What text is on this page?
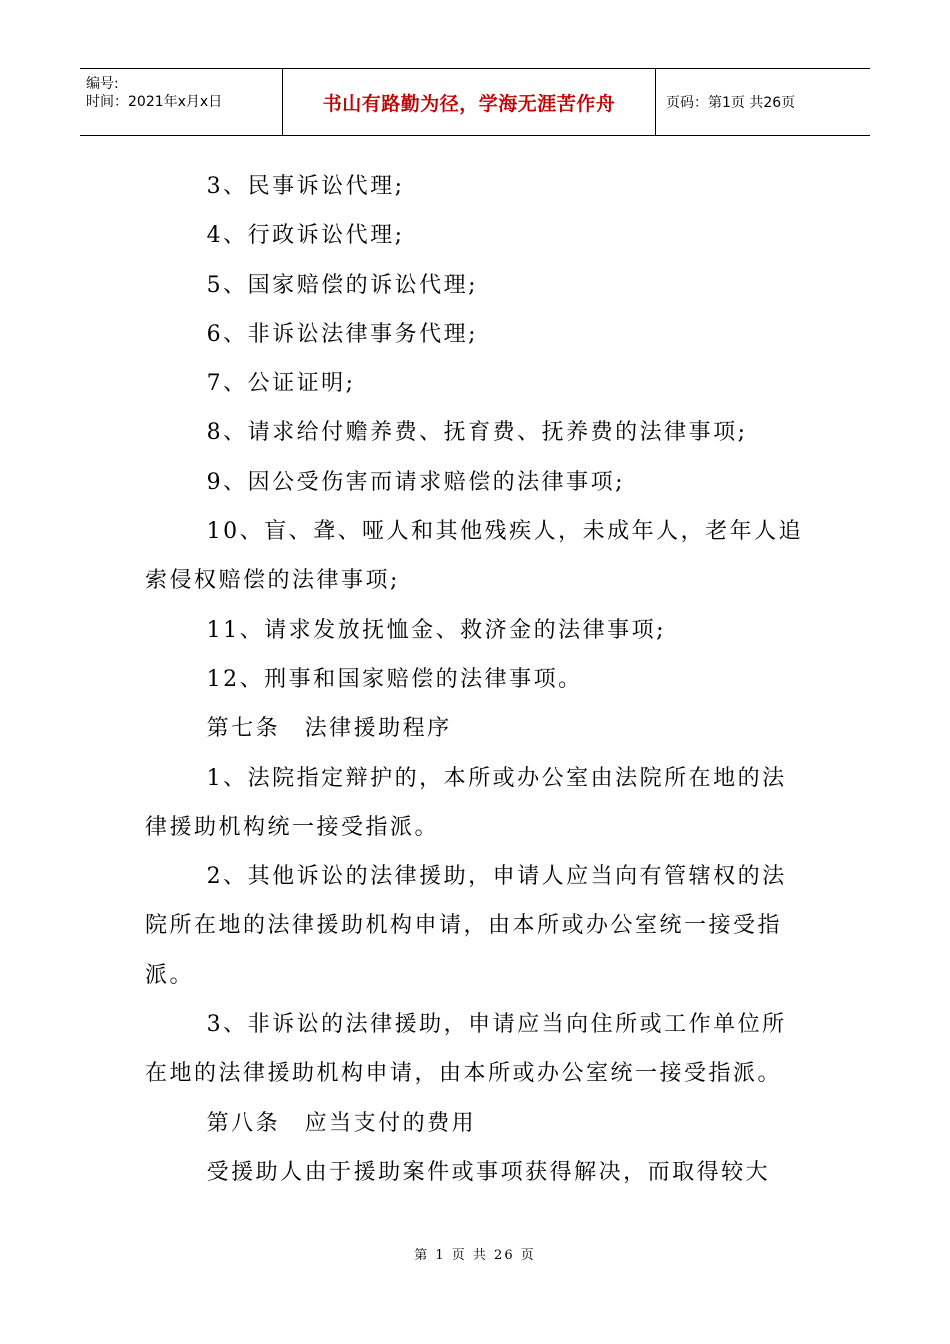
编号:
时间：2021年x月x日	书山有路勤为径，学海无涯苦作舟	页码：第1页 共26页

3、民事诉讼代理;

4、行政诉讼代理;

5、国家赔偿的诉讼代理;

6、非诉讼法律事务代理;

7、公证证明;

8、请求给付赡养费、抚育费、抚养费的法律事项;

9、因公受伤害而请求赔偿的法律事项;

10、盲、聋、哑人和其他残疾人，未成年人，老年人追索侵权赔偿的法律事项;

11、请求发放抚恤金、救济金的法律事项;

12、刑事和国家赔偿的法律事项。

第七条　法律援助程序

1、法院指定辩护的，本所或办公室由法院所在地的法律援助机构统一接受指派。

2、其他诉讼的法律援助，申请人应当向有管辖权的法院所在地的法律援助机构申请，由本所或办公室统一接受指派。

3、非诉讼的法律援助，申请应当向住所或工作单位所在地的法律援助机构申请，由本所或办公室统一接受指派。

第八条　应当支付的费用

受援助人由于援助案件或事项获得解决，而取得较大

第 1 页 共 26 页
